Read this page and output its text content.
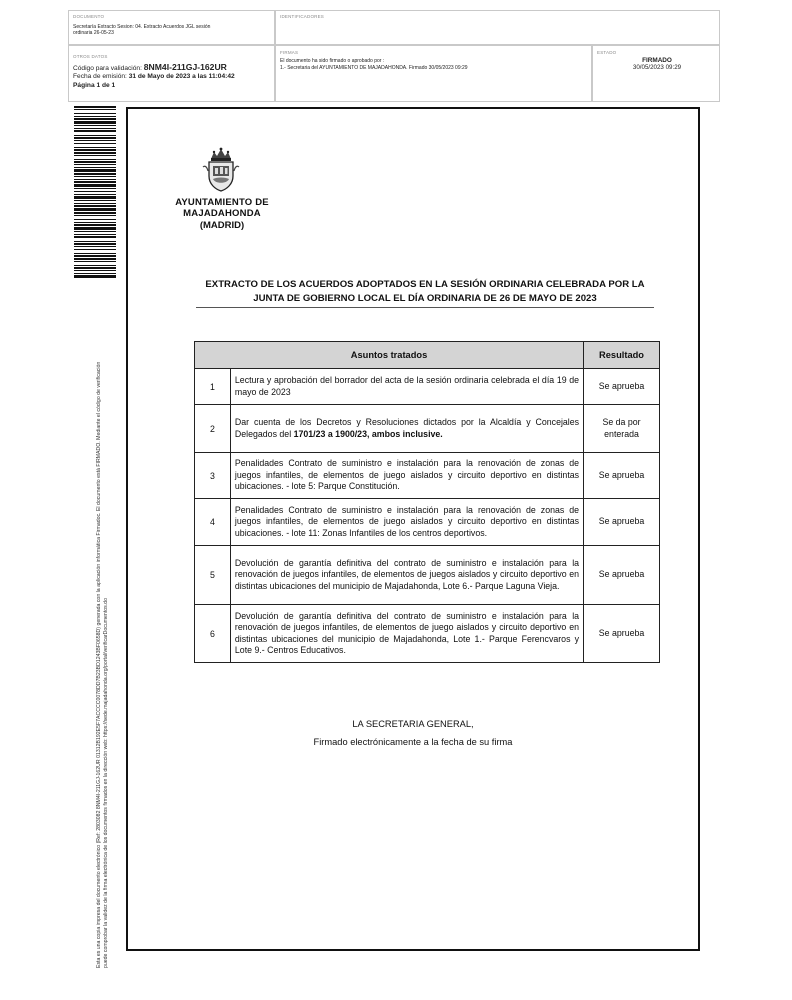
DOCUMENTO
Secretaría Extracto Sesion: 04. Extracto Acuerdos JGL sesión
ordinaria 26-05-23
IDENTIFICADORES
OTROS DATOS
Código para validación: 8NM4I-211GJ-162UR
Fecha de emisión: 31 de Mayo de 2023 a las 11:04:42
Página 1 de 1
FIRMAS
El documento ha sido firmado o aprobado por :
1.- Secretaria del AYUNTAMIENTO DE MAJADAHONDA. Firmado 30/05/2023 09:29
ESTADO
FIRMADO
30/05/2023 09:29
Esta es una copia impresa del documento electrónico (Ref: 2803082 8NM4I-211GJ-162UR 01312B192E5F7ACCCC0078DD7B23BD1243BF0658D) generada con la aplicación informática Firmadoc. El documento está FIRMADO. Mediante el código de verificación puede comprobar la validez de la firma electrónica de los documentos firmados en la dirección web: https://sede.majadahonda.org/portal/verificarDocumentos.do
AYUNTAMIENTO DE
MAJADAHONDA
(MADRID)
EXTRACTO DE LOS ACUERDOS ADOPTADOS EN LA SESIÓN ORDINARIA CELEBRADA POR LA
JUNTA DE GOBIERNO LOCAL EL DÍA ORDINARIA DE 26 DE MAYO DE 2023
Asuntos tratados		Resultado
1	Lectura y aprobación del borrador del acta de la sesión ordinaria celebrada el día 19 de mayo de 2023	Se aprueba
2	Dar cuenta de los Decretos y Resoluciones dictados por la Alcaldía y Concejales Delegados del 1701/23 a 1900/23, ambos inclusive.	Se da por enterada
3	Penalidades Contrato de suministro e instalación para la renovación de zonas de juegos infantiles, de elementos de juego aislados y circuito deportivo en distintas ubicaciones. - lote 5: Parque Constitución.	Se aprueba
4	Penalidades Contrato de suministro e instalación para la renovación de zonas de juegos infantiles, de elementos de juego aislados y circuito deportivo en distintas ubicaciones. - lote 11: Zonas Infantiles de los centros deportivos.	Se aprueba
5	Devolución de garantía definitiva del contrato de suministro e instalación para la renovación de juegos infantiles, de elementos de juegos aislados y circuito deportivo en distintas ubicaciones del municipio de Majadahonda, Lote 6.- Parque Laguna Vieja.	Se aprueba
6	Devolución de garantía definitiva del contrato de suministro e instalación para la renovación de juegos infantiles, de elementos de juego aislados y circuito deportivo en distintas ubicaciones del municipio de Majadahonda, Lote 1.- Parque Ferencvaros y Lote 9.- Centros Educativos.	Se aprueba
LA SECRETARIA GENERAL,
Firmado electrónicamente a la fecha de su firma
